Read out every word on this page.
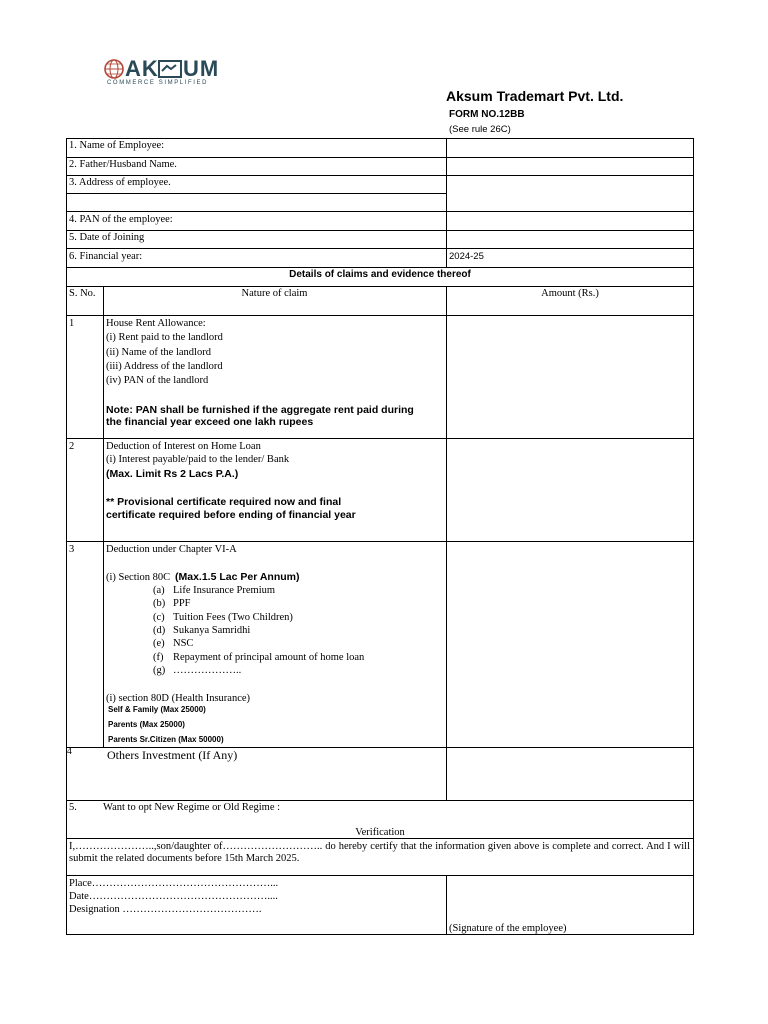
AK UM
COMMERCE SIMPLIFIED
Aksum Trademart Pvt. Ltd.
FORM NO.12BB
(See rule 26C)
1. Name of Employee:
2. Father/Husband Name.
3. Address of employee.
4. PAN of the employee:
5. Date of Joining
6. Financial year:	2024-25
Details of claims and evidence thereof
S. No.	Nature of claim	Amount (Rs.)
1	House Rent Allowance:
(i) Rent paid to the landlord
(ii) Name of the landlord
(iii) Address of the landlord
(iv) PAN of the landlord
Note: PAN shall be furnished if the aggregate rent paid during
the financial year exceed one lakh rupees
2	Deduction of Interest on Home Loan
(i) Interest payable/paid to the lender/ Bank
(Max. Limit Rs 2 Lacs P.A.)
** Provisional certificate required now and final
certificate required before ending of financial year
3	Deduction under Chapter VI-A
(i) Section 80C (Max.1.5 Lac Per Annum)
(a) Life Insurance Premium
(b) PPF
(c) Tuition Fees (Two Children)
(d) Sukanya Samridhi
(e) NSC
(f) Repayment of principal amount of home loan
(g) ………………..
(i) section 80D (Health Insurance)
Self & Family (Max 25000)
Parents (Max 25000)
Parents Sr.Citizen (Max 50000)
4	Others Investment (If Any)
5. Want to opt New Regime or Old Regime :
Verification
I,…………………..,son/daughter of……………………….. do hereby certify that the information given above is complete and correct. And I will submit the related documents before 15th March 2025.
Place……………………………………………...
Date……………………………………………....
Designation ………………………………….
(Signature of the employee)
